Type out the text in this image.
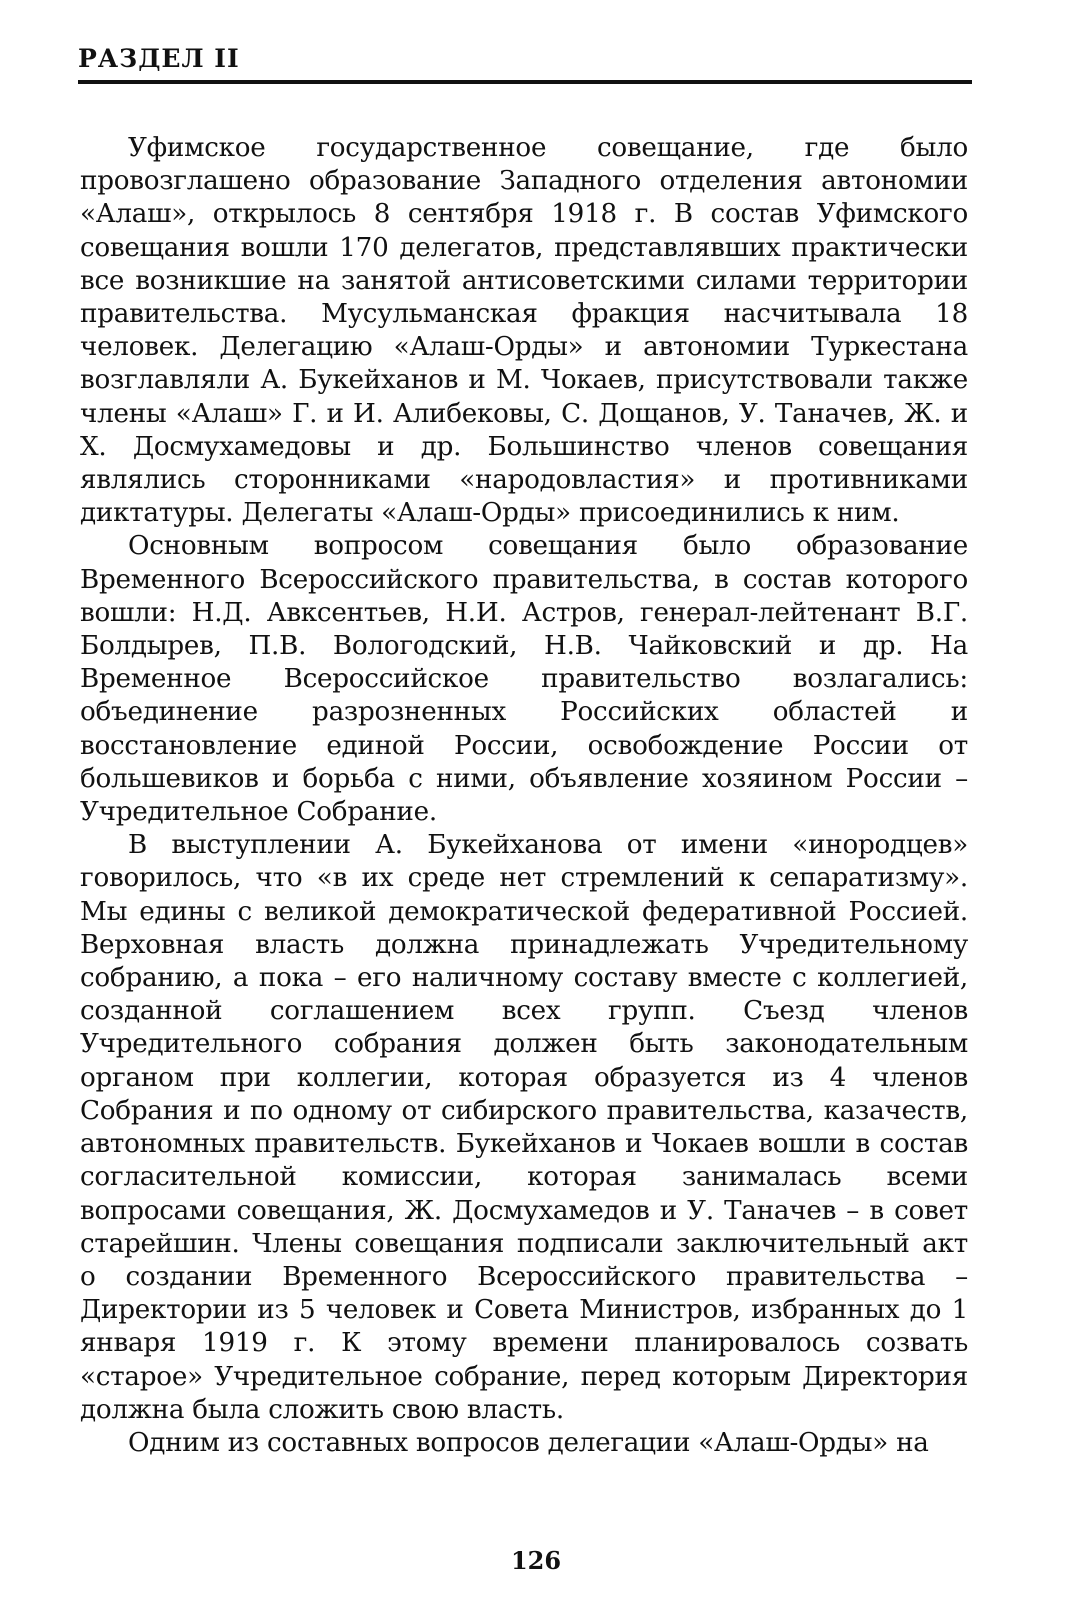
РАЗДЕЛ II

Уфимское государственное совещание, где было провозглашено образование Западного отделения автономии «Алаш», открылось 8 сентября 1918 г. В состав Уфимского совещания вошли 170 делегатов, представлявших практически все возникшие на занятой антисоветскими силами территории правительства. Мусульманская фракция насчитывала 18 человек. Делегацию «Алаш-Орды» и автономии Туркестана возглавляли А. Букейханов и М. Чокаев, присутствовали также члены «Алаш» Г. и И. Алибековы, С. Дощанов, У. Таначев, Ж. и Х. Досмухамедовы и др. Большинство членов совещания являлись сторонниками «народовластия» и противниками диктатуры. Делегаты «Алаш-Орды» присоединились к ним.

Основным вопросом совещания было образование Временного Всероссийского правительства, в состав которого вошли: Н.Д. Авксентьев, Н.И. Астров, генерал-лейтенант В.Г. Болдырев, П.В. Вологодский, Н.В. Чайковский и др. На Временное Всероссийское правительство возлагались: объединение разрозненных Российских областей и восстановление единой России, освобождение России от большевиков и борьба с ними, объявление хозяином России – Учредительное Собрание.

В выступлении А. Букейханова от имени «инородцев» говорилось, что «в их среде нет стремлений к сепаратизму». Мы едины с великой демократической федеративной Россией. Верховная власть должна принадлежать Учредительному собранию, а пока – его наличному составу вместе с коллегией, созданной соглашением всех групп. Съезд членов Учредительного собрания должен быть законодательным органом при коллегии, которая образуется из 4 членов Собрания и по одному от сибирского правительства, казачеств, автономных правительств. Букейханов и Чокаев вошли в состав согласительной комиссии, которая занималась всеми вопросами совещания, Ж. Досмухамедов и У. Таначев – в совет старейшин. Члены совещания подписали заключительный акт о создании Временного Всероссийского правительства – Директории из 5 человек и Совета Министров, избранных до 1 января 1919 г. К этому времени планировалось созвать «старое» Учредительное собрание, перед которым Директория должна была сложить свою власть.

Одним из составных вопросов делегации «Алаш-Орды» на

126
